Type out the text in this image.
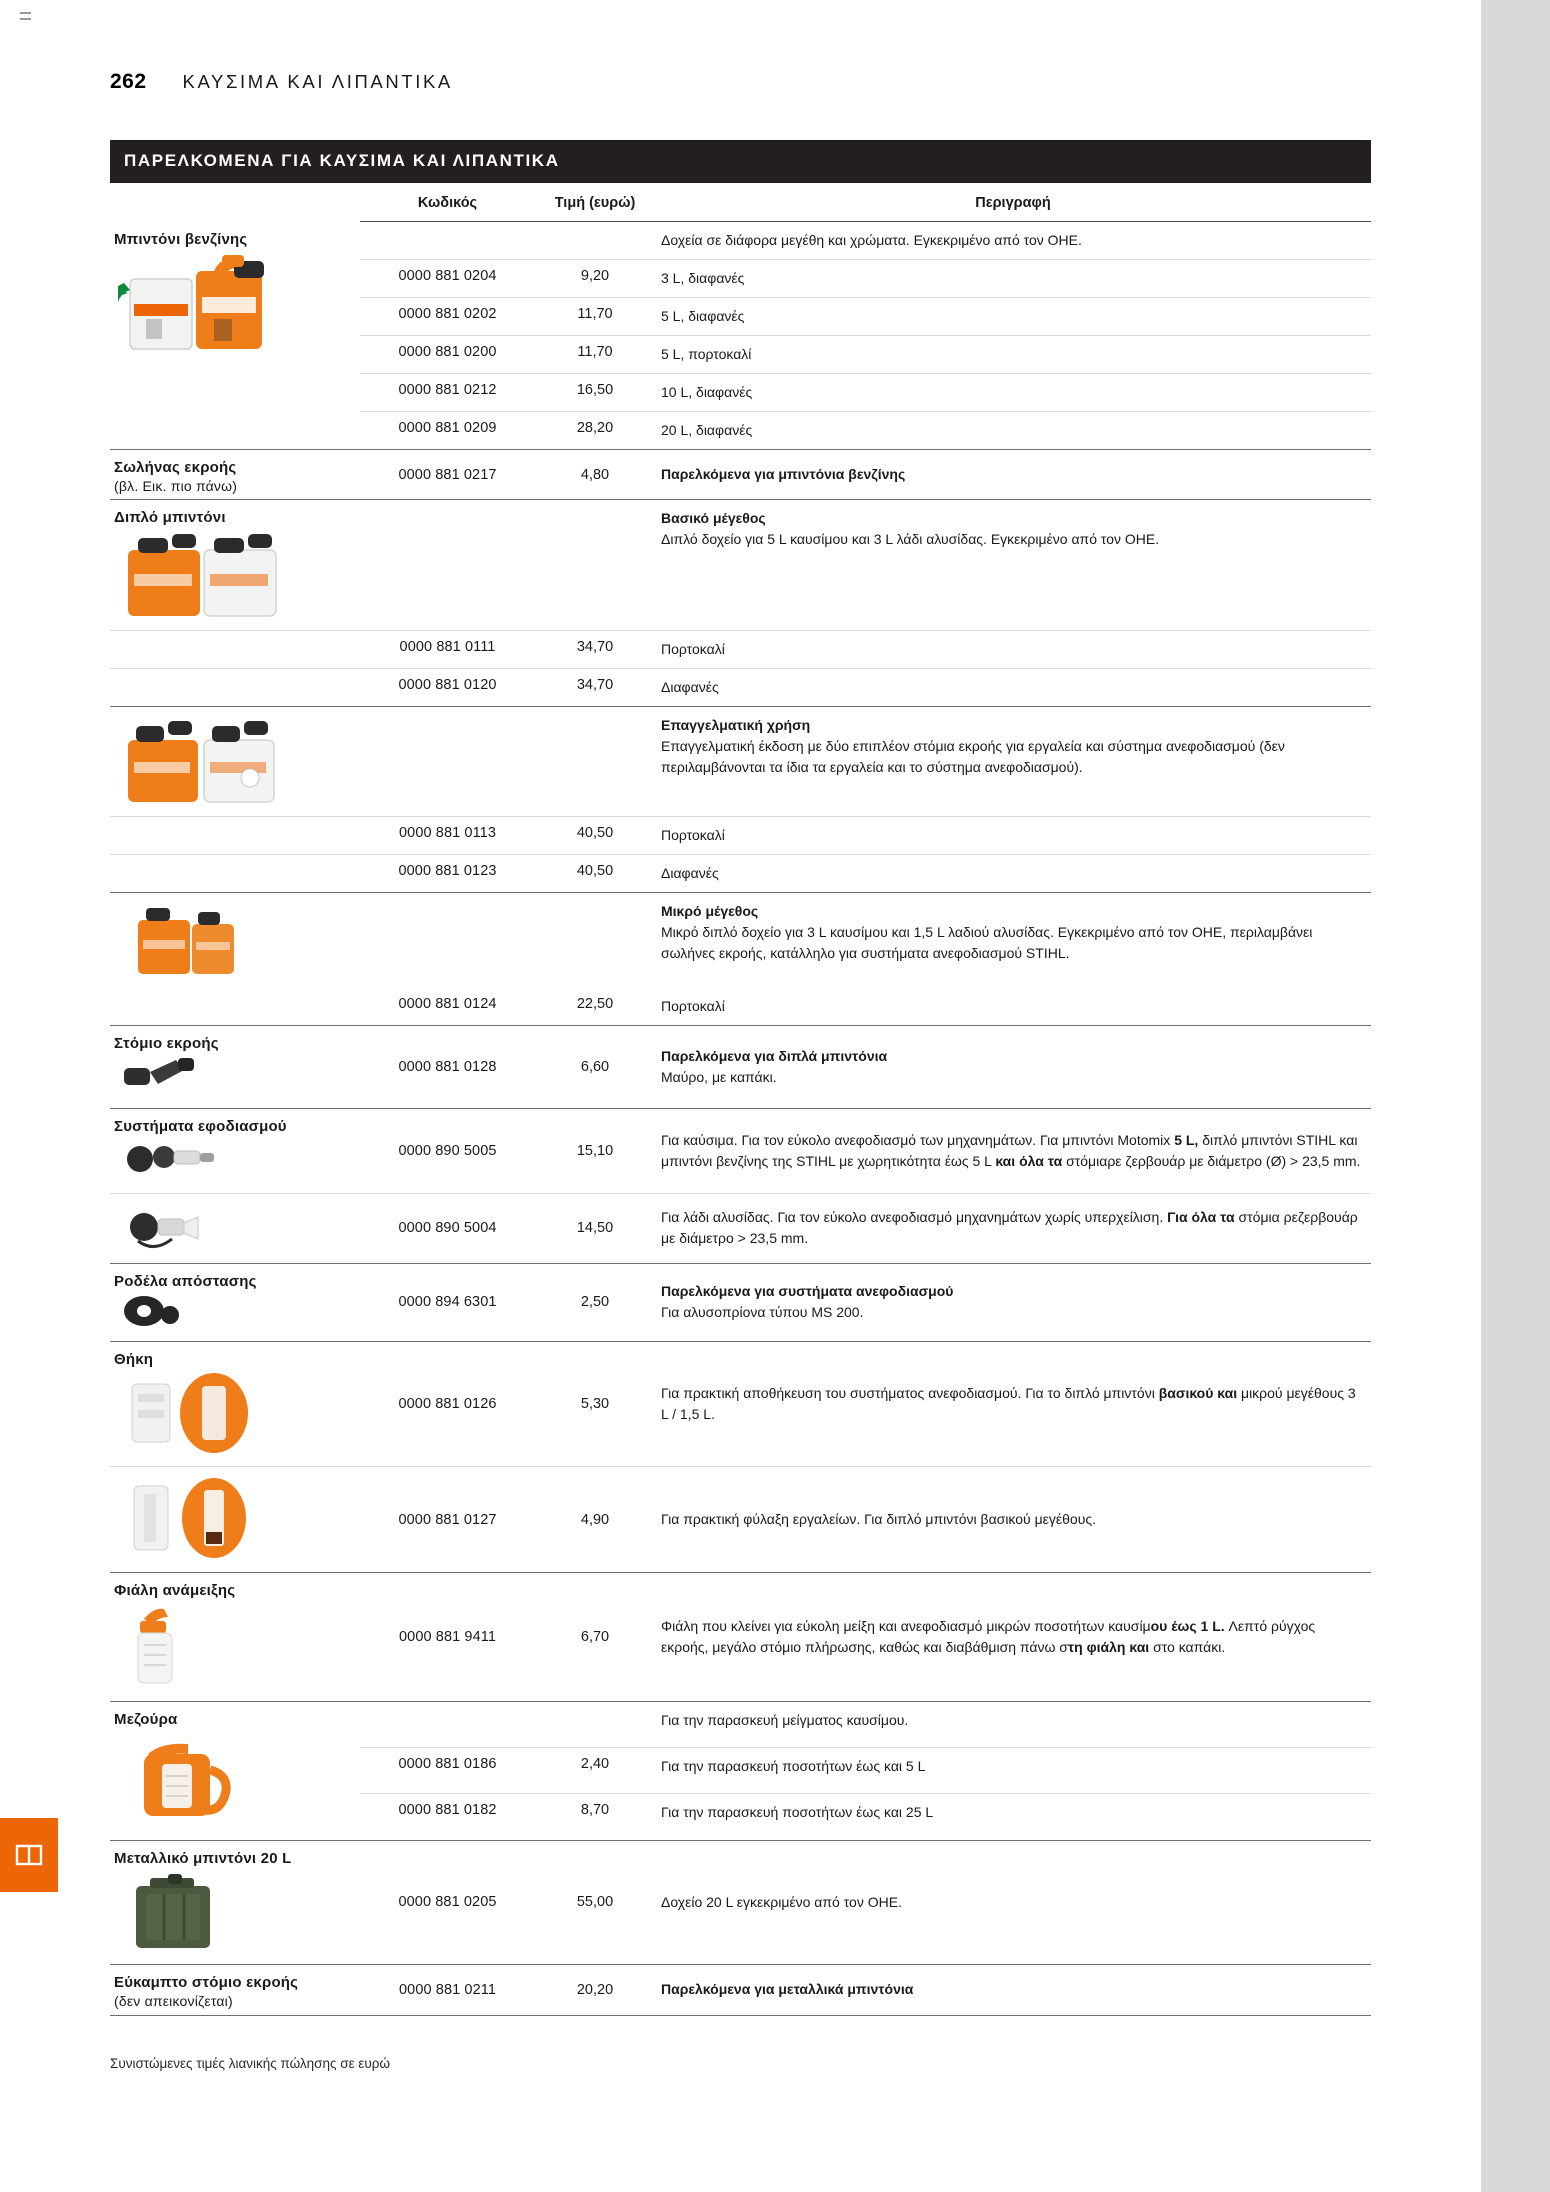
262 ΚΑΥΣΙΜΑ ΚΑΙ ΛΙΠΑΝΤΙΚΑ
ΠΑΡΕΛΚΟΜΕΝΑ ΓΙΑ ΚΑΥΣΙΜΑ ΚΑΙ ΛΙΠΑΝΤΙΚΑ
	Κωδικός	Τιμή (ευρώ)	Περιγραφή
Μπιντόνι βενζίνης			Δοχεία σε διάφορα μεγέθη και χρώματα. Εγκεκριμένο από τον ΟΗΕ.
	0000 881 0204	9,20	3 L, διαφανές
	0000 881 0202	11,70	5 L, διαφανές
	0000 881 0200	11,70	5 L, πορτοκαλί
	0000 881 0212	16,50	10 L, διαφανές
	0000 881 0209	28,20	20 L, διαφανές
Σωλήνας εκροής
(βλ. Εικ. πιο πάνω)	0000 881 0217	4,80	Παρελκόμενα για μπιντόνια βενζίνης
Διπλό μπιντόνι			Βασικό μέγεθος
Διπλό δοχείο για 5 L καυσίμου και 3 L λάδι αλυσίδας. Εγκεκριμένο από τον ΟΗΕ.
	0000 881 0111	34,70	Πορτοκαλί
	0000 881 0120	34,70	Διαφανές

Επαγγελματική χρήση
Επαγγελματική έκδοση με δύο επιπλέον στόμια εκροής για εργαλεία και σύστημα ανεφοδιασμού (δεν περιλαμβάνονται τα ίδια τα εργαλεία και το σύστημα ανεφοδιασμού).
	0000 881 0113	40,50	Πορτοκαλί
	0000 881 0123	40,50	Διαφανές

Μικρό μέγεθος
Μικρό διπλό δοχείο για 3 L καυσίμου και 1,5 L λαδιού αλυσίδας. Εγκεκριμένο από τον ΟΗΕ, περιλαμβάνει σωλήνες εκροής, κατάλληλο για συστήματα ανεφοδιασμού STIHL.
	0000 881 0124	22,50	Πορτοκαλί
Στόμιο εκροής	0000 881 0128	6,60	Παρελκόμενα για διπλά μπιντόνια
Μαύρο, με καπάκι.
Συστήματα εφοδιασμού	0000 890 5005	15,10	Για καύσιμα. Για τον εύκολο ανεφοδιασμό των μηχανημάτων. Για μπιντόνι Motomix 5 L, διπλό μπιντόνι STIHL και μπιντόνι βενζίνης της STIHL με χωρητικότητα έως 5 L και όλα τα στόμιαρε ζερβουάρ με διάμετρο (Ø) > 23,5 mm.

	0000 890 5004	14,50	Για λάδι αλυσίδας. Για τον εύκολο ανεφοδιασμό μηχανημάτων χωρίς υπερχείλιση. Για όλα τα στόμια ρεζερβουάρ με διάμετρο > 23,5 mm.
Ροδέλα απόστασης	0000 894 6301	2,50	Παρελκόμενα για συστήματα ανεφοδιασμού
Για αλυσοπρίονα τύπου MS 200.
Θήκη	0000 881 0126	5,30	Για πρακτική αποθήκευση του συστήματος ανεφοδιασμού. Για το διπλό μπιντόνι βασικού και μικρού μεγέθους 3 L / 1,5 L.

	0000 881 0127	4,90	Για πρακτική φύλαξη εργαλείων. Για διπλό μπιντόνι βασικού μεγέθους.
Φιάλη ανάμειξης	0000 881 9411	6,70	Φιάλη που κλείνει για εύκολη μείξη και ανεφοδιασμό μικρών ποσοτήτων καυσίμου έως 1 L. Λεπτό ρύγχος εκροής, μεγάλο στόμιο πλήρωσης, καθώς και διαβάθμιση πάνω στη φιάλη και στο καπάκι.
Μεζούρα			Για την παρασκευή μείγματος καυσίμου.
	0000 881 0186	2,40	Για την παρασκευή ποσοτήτων έως και 5 L
	0000 881 0182	8,70	Για την παρασκευή ποσοτήτων έως και 25 L
Μεταλλικό μπιντόνι 20 L	0000 881 0205	55,00	Δοχείο 20 L εγκεκριμένο από τον ΟΗΕ.
Εύκαμπτο στόμιο εκροής
(δεν απεικονίζεται)	0000 881 0211	20,20	Παρελκόμενα για μεταλλικά μπιντόνια
Συνιστώμενες τιμές λιανικής πώλησης σε ευρώ
